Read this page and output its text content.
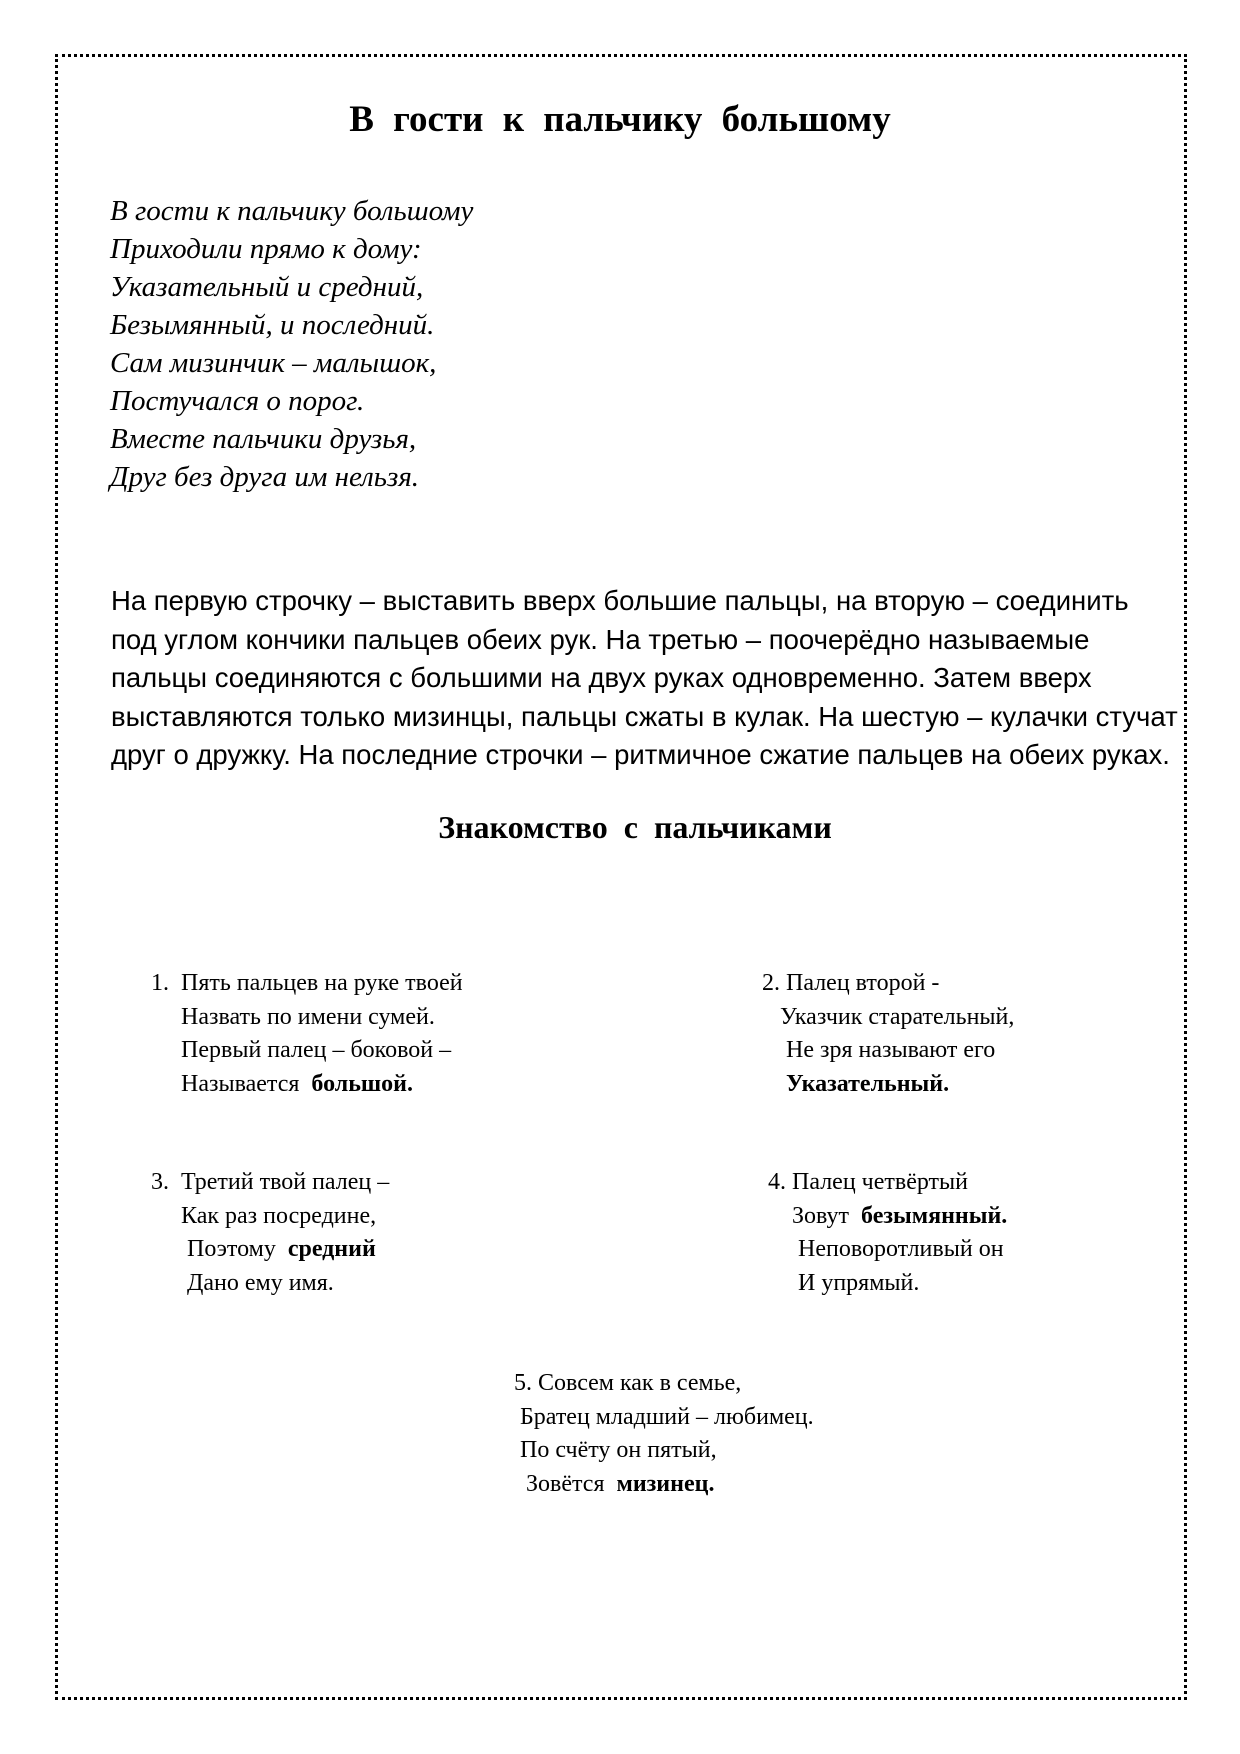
В гости к пальчику большому
В гости к пальчику большому
Приходили прямо к дому:
Указательный и средний,
Безымянный, и последний.
Сам мизинчик – малышок,
Постучался о порог.
Вместе пальчики друзья,
Друг без друга им нельзя.
На первую строчку – выставить вверх большие пальцы, на вторую – соединить под углом кончики пальцев обеих рук. На третью – поочерёдно называемые пальцы соединяются с большими на двух руках одновременно. Затем вверх выставляются только мизинцы, пальцы сжаты в кулак. На шестую – кулачки стучат друг о дружку. На последние строчки – ритмичное сжатие пальцев на обеих руках.
Знакомство с пальчиками
1.  Пять пальцев на руке твоей
Назвать по имени сумей.
Первый палец – боковой –
Называется  большой.
2. Палец второй -
Указчик старательный,
Не зря называют его
Указательный.
3.  Третий твой палец –
Как раз посредине,
Поэтому  средний
Дано ему имя.
4. Палец четвёртый
Зовут  безымянный.
Неповоротливый он
И упрямый.
5. Совсем как в семье,
Братец младший – любимец.
По счёту он пятый,
Зовётся  мизинец.
